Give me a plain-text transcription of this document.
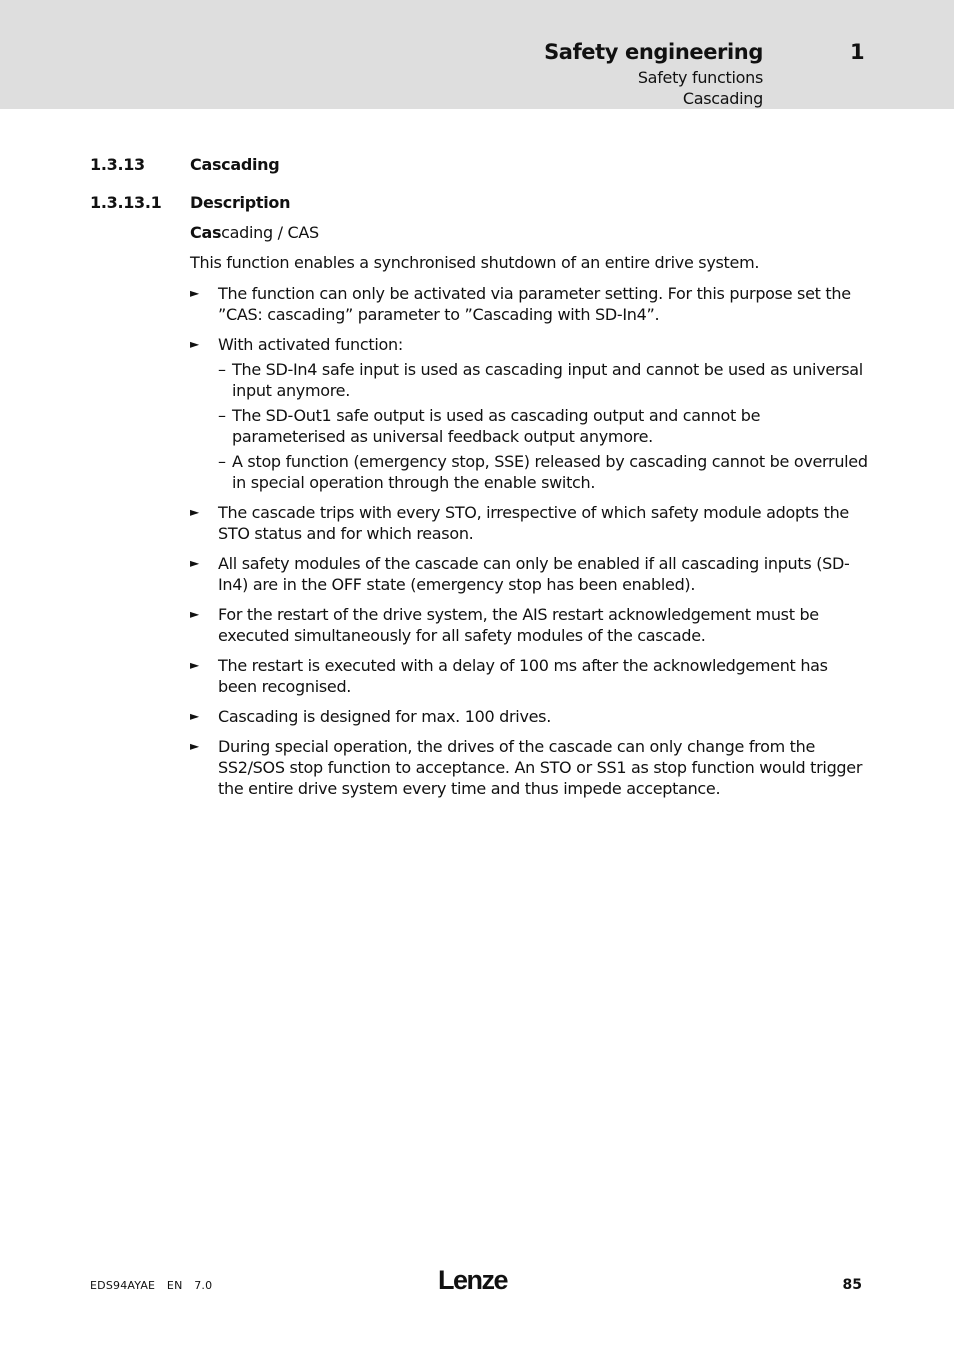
Safety engineering	1
Safety functions
Cascading
1.3.13	Cascading
1.3.13.1 Description
Cascading / CAS
This function enables a synchronised shutdown of an entire drive system.
► The function can only be activated via parameter setting. For this purpose set the ”CAS: cascading” parameter to ”Cascading with SD-In4”.
► With activated function:
– The SD-In4 safe input is used as cascading input and cannot be used as universal input anymore.
– The SD-Out1 safe output is used as cascading output and cannot be parameterised as universal feedback output anymore.
– A stop function (emergency stop, SSE) released by cascading cannot be overruled in special operation through the enable switch.
► The cascade trips with every STO, irrespective of which safety module adopts the STO status and for which reason.
► All safety modules of the cascade can only be enabled if all cascading inputs (SD-In4) are in the OFF state (emergency stop has been enabled).
► For the restart of the drive system, the AIS restart acknowledgement must be executed simultaneously for all safety modules of the cascade.
► The restart is executed with a delay of 100 ms after the acknowledgement has been recognised.
► Cascading is designed for max. 100 drives.
► During special operation, the drives of the cascade can only change from the SS2/SOS stop function to acceptance. An STO or SS1 as stop function would trigger the entire drive system every time and thus impede acceptance.
EDS94AYAE EN 7.0	Lenze	85
